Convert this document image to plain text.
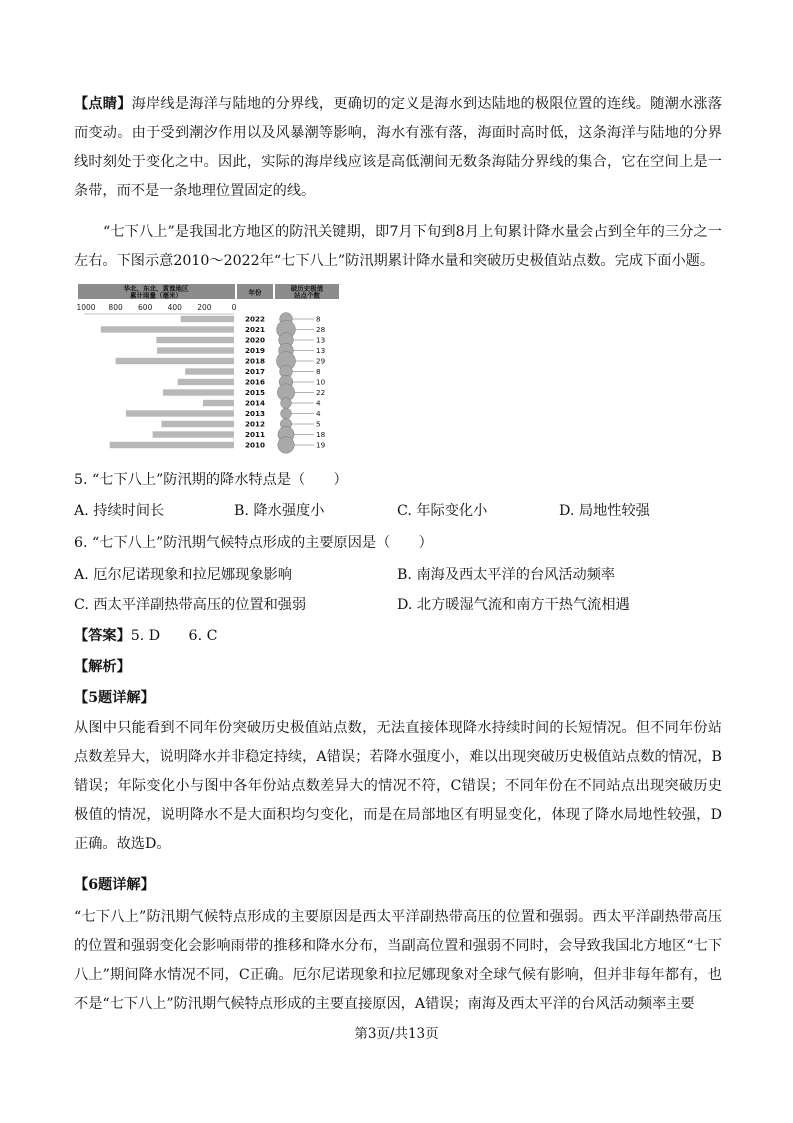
【点睛】海岸线是海洋与陆地的分界线，更确切的定义是海水到达陆地的极限位置的连线。随潮水涨落而变动。由于受到潮汐作用以及风暴潮等影响，海水有涨有落，海面时高时低，这条海洋与陆地的分界线时刻处于变化之中。因此，实际的海岸线应该是高低潮间无数条海陆分界线的集合，它在空间上是一条带，而不是一条地理位置固定的线。

“七下八上”是我国北方地区的防汛关键期，即7月下旬到8月上旬累计降水量会占到全年的三分之一左右。下图示意2010～2022年“七下八上”防汛期累计降水量和突破历史极值站点数。完成下面小题。

华北、东北、黄淮地区
累计雨量（毫米）	年份	破历史极值
站点个数
1000 800 600 400 200	0
2022	8
2021	28
2020	13
2019	13
2018	29
2017	8
2016	10
2015	22
2014	4
2013	4
2012	5
2011	18
2010	19
5. “七下八上”防汛期的降水特点是（　　）
A. 持续时间长	B. 降水强度小	C. 年际变化小	D. 局地性较强
6. “七下八上”防汛期气候特点形成的主要原因是（　　）
A. 厄尔尼诺现象和拉尼娜现象影响	B. 南海及西太平洋的台风活动频率
C. 西太平洋副热带高压的位置和强弱	D. 北方暖湿气流和南方干热气流相遇
【答案】5. D　　6. C
【解析】
【5题详解】

从图中只能看到不同年份突破历史极值站点数，无法直接体现降水持续时间的长短情况。但不同年份站点数差异大，说明降水并非稳定持续，A错误；若降水强度小，难以出现突破历史极值站点数的情况，B错误；年际变化小与图中各年份站点数差异大的情况不符，C错误；不同年份在不同站点出现突破历史极值的情况，说明降水不是大面积均匀变化，而是在局部地区有明显变化，体现了降水局地性较强，D正确。故选D。

【6题详解】

“七下八上”防汛期气候特点形成的主要原因是西太平洋副热带高压的位置和强弱。西太平洋副热带高压的位置和强弱变化会影响雨带的推移和降水分布，当副高位置和强弱不同时，会导致我国北方地区“七下八上”期间降水情况不同，C正确。厄尔尼诺现象和拉尼娜现象对全球气候有影响，但并非每年都有，也不是“七下八上”防汛期气候特点形成的主要直接原因，A错误；南海及西太平洋的台风活动频率主要

第3页/共13页
